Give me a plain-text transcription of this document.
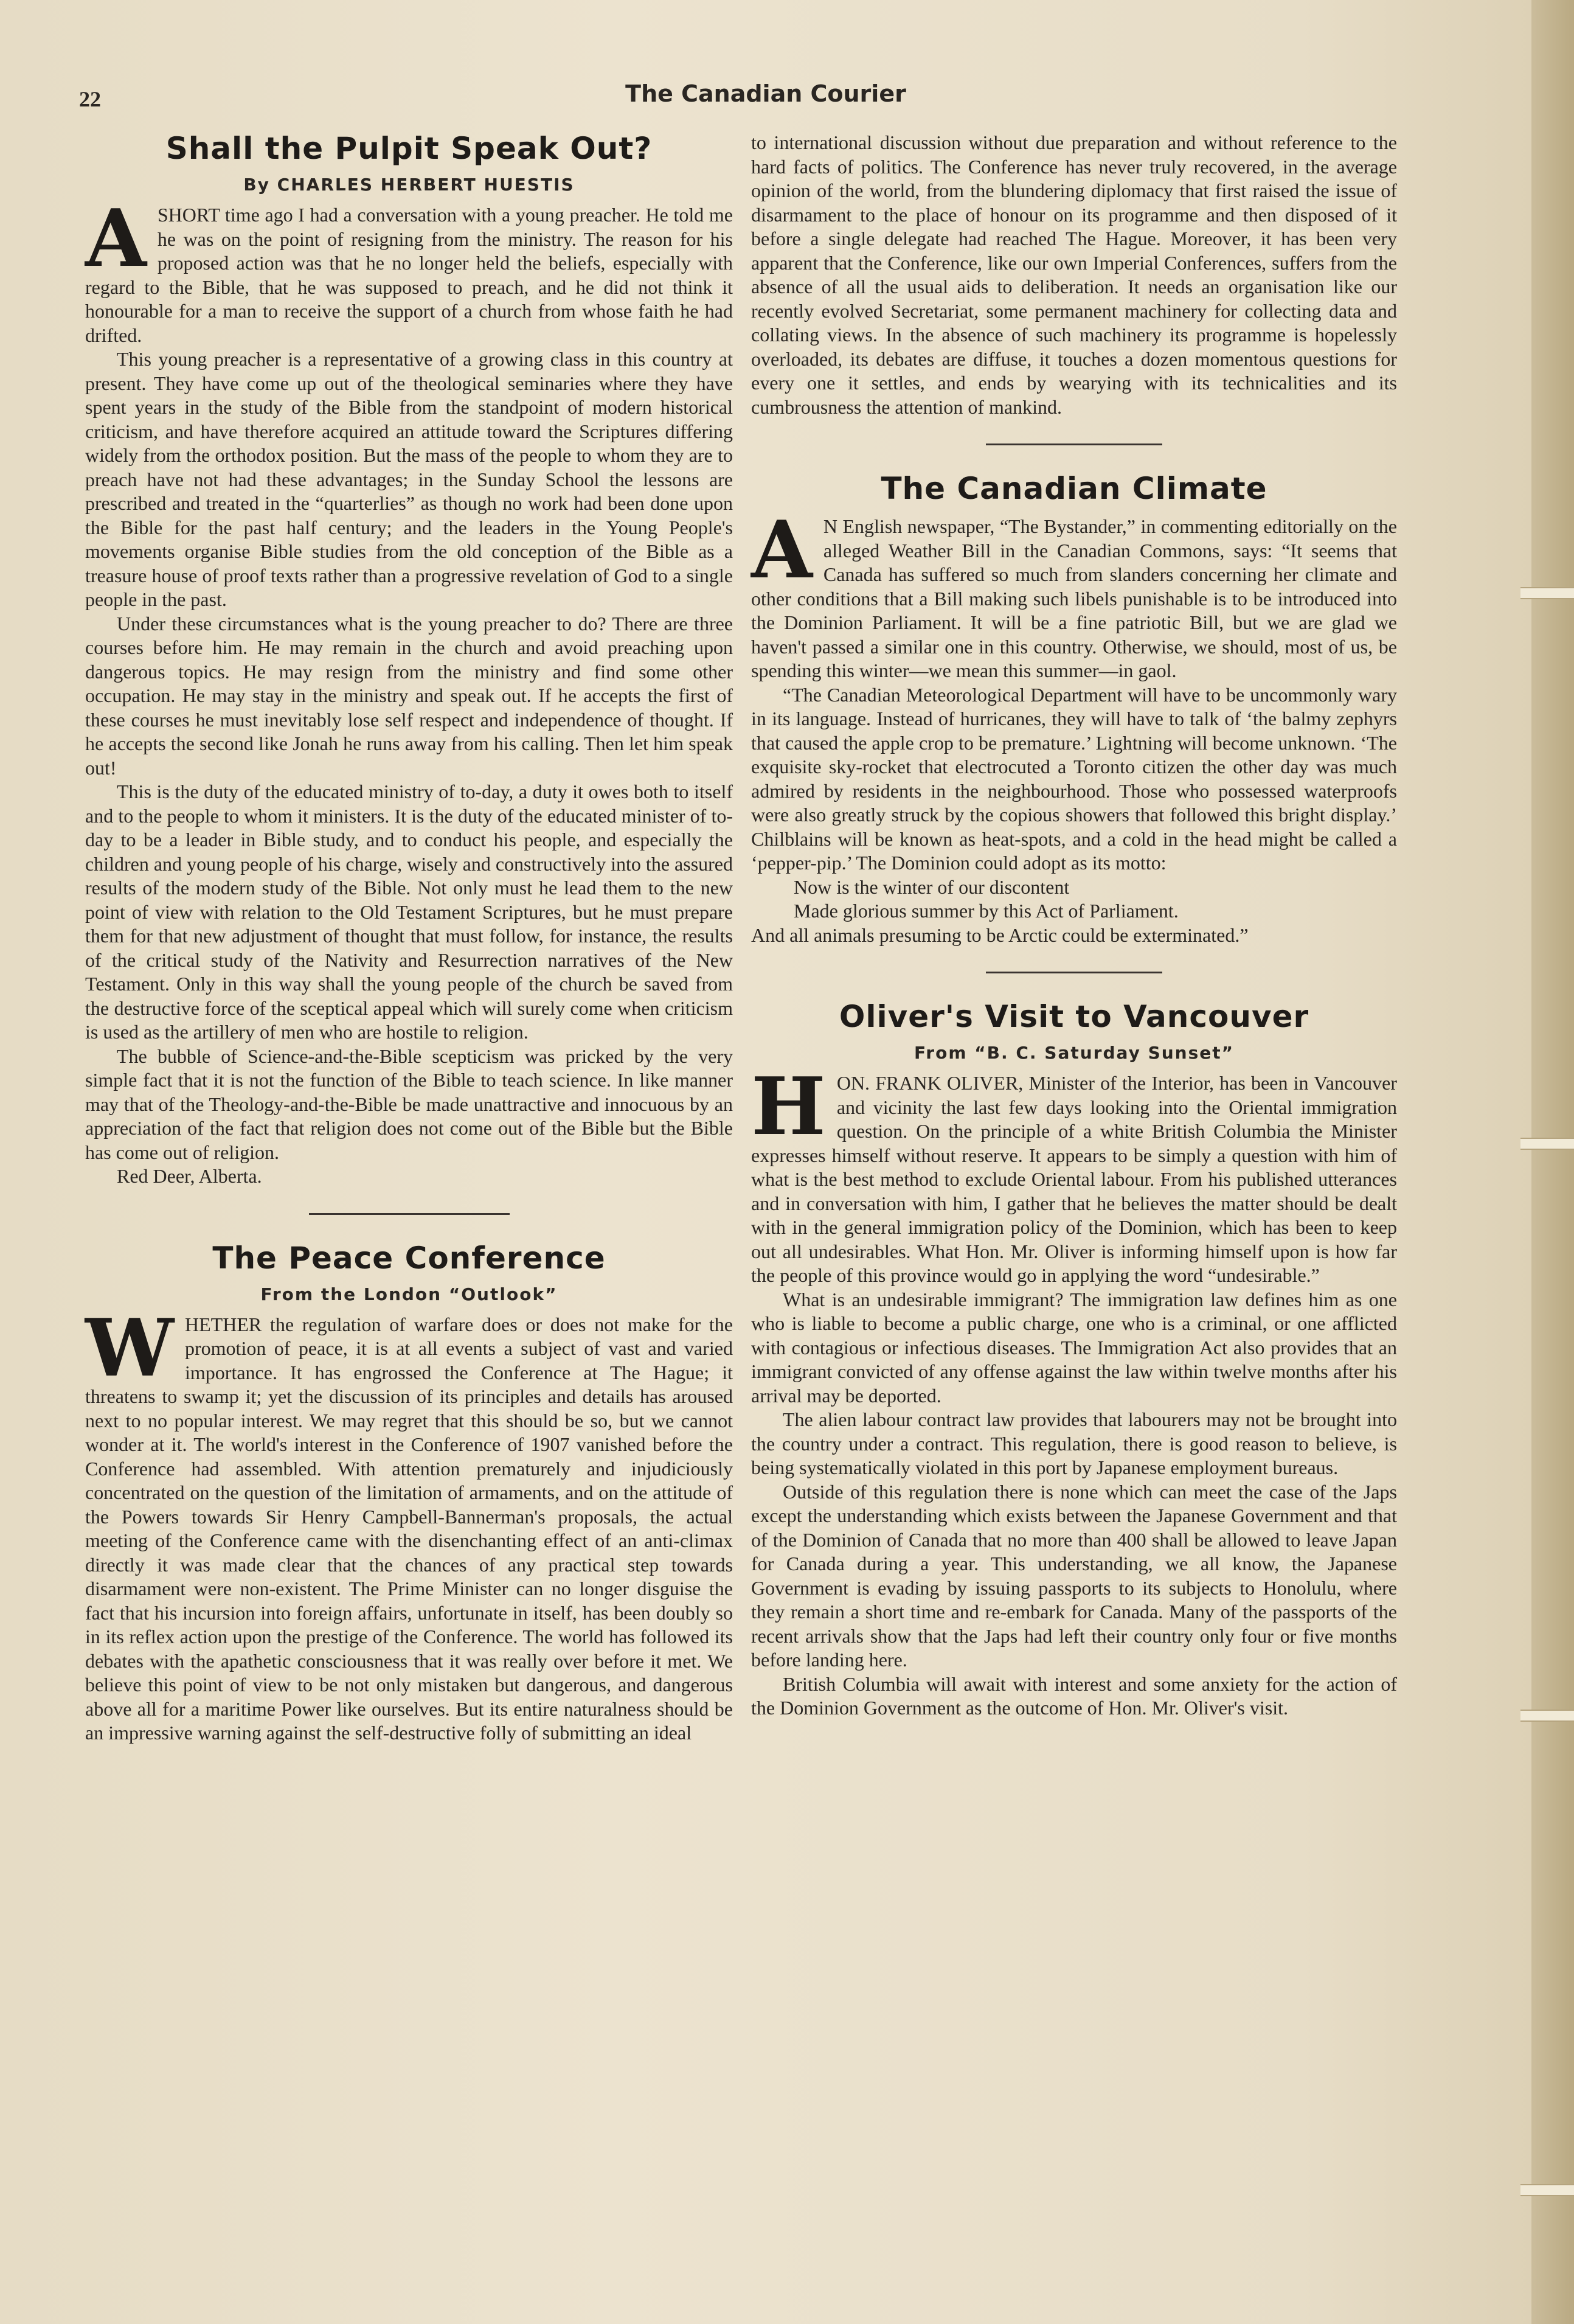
22	The Canadian Courier
Shall the Pulpit Speak Out?
By CHARLES HERBERT HUESTIS

ASHORT time ago I had a conversation with a young preacher. He told me he was on the point of resigning from the ministry. The reason for his proposed action was that he no longer held the beliefs, especially with regard to the Bible, that he was supposed to preach, and he did not think it honourable for a man to receive the support of a church from whose faith he had drifted.

This young preacher is a representative of a growing class in this country at present. They have come up out of the theological seminaries where they have spent years in the study of the Bible from the standpoint of modern historical criticism, and have therefore acquired an attitude toward the Scriptures differing widely from the orthodox position. But the mass of the people to whom they are to preach have not had these advantages; in the Sunday School the lessons are prescribed and treated in the “quarterlies” as though no work had been done upon the Bible for the past half century; and the leaders in the Young People's movements organise Bible studies from the old conception of the Bible as a treasure house of proof texts rather than a progressive revelation of God to a single people in the past.

Under these circumstances what is the young preacher to do? There are three courses before him. He may remain in the church and avoid preaching upon dangerous topics. He may resign from the ministry and find some other occupation. He may stay in the ministry and speak out. If he accepts the first of these courses he must inevitably lose self respect and independence of thought. If he accepts the second like Jonah he runs away from his calling. Then let him speak out!

This is the duty of the educated ministry of to-day, a duty it owes both to itself and to the people to whom it ministers. It is the duty of the educated minister of to-day to be a leader in Bible study, and to conduct his people, and especially the children and young people of his charge, wisely and constructively into the assured results of the modern study of the Bible. Not only must he lead them to the new point of view with relation to the Old Testament Scriptures, but he must prepare them for that new adjustment of thought that must follow, for instance, the results of the critical study of the Nativity and Resurrection narratives of the New Testament. Only in this way shall the young people of the church be saved from the destructive force of the sceptical appeal which will surely come when criticism is used as the artillery of men who are hostile to religion.

The bubble of Science-and-the-Bible scepticism was pricked by the very simple fact that it is not the function of the Bible to teach science. In like manner may that of the Theology-and-the-Bible be made unattractive and innocuous by an appreciation of the fact that religion does not come out of the Bible but the Bible has come out of religion.

Red Deer, Alberta.

The Peace Conference
From the London “Outlook”

WHETHER the regulation of warfare does or does not make for the promotion of peace, it is at all events a subject of vast and varied importance. It has engrossed the Conference at The Hague; it threatens to swamp it; yet the discussion of its principles and details has aroused next to no popular interest. We may regret that this should be so, but we cannot wonder at it. The world's interest in the Conference of 1907 vanished before the Conference had assembled. With attention prematurely and injudiciously concentrated on the question of the limitation of armaments, and on the attitude of the Powers towards Sir Henry Campbell-Bannerman's proposals, the actual meeting of the Conference came with the disenchanting effect of an anti-climax directly it was made clear that the chances of any practical step towards disarmament were non-existent. The Prime Minister can no longer disguise the fact that his incursion into foreign affairs, unfortunate in itself, has been doubly so in its reflex action upon the prestige of the Conference. The world has followed its debates with the apathetic consciousness that it was really over before it met. We believe this point of view to be not only mistaken but dangerous, and dangerous above all for a maritime Power like ourselves. But its entire naturalness should be an impressive warning against the self-destructive folly of submitting an ideal

to international discussion without due preparation and without reference to the hard facts of politics. The Conference has never truly recovered, in the average opinion of the world, from the blundering diplomacy that first raised the issue of disarmament to the place of honour on its programme and then disposed of it before a single delegate had reached The Hague. Moreover, it has been very apparent that the Conference, like our own Imperial Conferences, suffers from the absence of all the usual aids to deliberation. It needs an organisation like our recently evolved Secretariat, some permanent machinery for collecting data and collating views. In the absence of such machinery its programme is hopelessly overloaded, its debates are diffuse, it touches a dozen momentous questions for every one it settles, and ends by wearying with its technicalities and its cumbrousness the attention of mankind.

The Canadian Climate

A N English newspaper, “The Bystander,” in commenting editorially on the alleged Weather Bill in the Canadian Commons, says: “It seems that Canada has suffered so much from slanders concerning her climate and other conditions that a Bill making such libels punishable is to be introduced into the Dominion Parliament. It will be a fine patriotic Bill, but we are glad we haven't passed a similar one in this country. Otherwise, we should, most of us, be spending this winter—we mean this summer—in gaol.

“The Canadian Meteorological Department will have to be uncommonly wary in its language. Instead of hurricanes, they will have to talk of ‘the balmy zephyrs that caused the apple crop to be premature.’ Lightning will become unknown. ‘The exquisite sky-rocket that electrocuted a Toronto citizen the other day was much admired by residents in the neighbourhood. Those who possessed waterproofs were also greatly struck by the copious showers that followed this bright display.’ Chilblains will be known as heat-spots, and a cold in the head might be called a ‘pepper-pip.’ The Dominion could adopt as its motto:

Now is the winter of our discontent

Made glorious summer by this Act of Parliament.

And all animals presuming to be Arctic could be exterminated.”

Oliver's Visit to Vancouver
From “B. C. Saturday Sunset”

HON. FRANK OLIVER, Minister of the Interior, has been in Vancouver and vicinity the last few days looking into the Oriental immigration question. On the principle of a white British Columbia the Minister expresses himself without reserve. It appears to be simply a question with him of what is the best method to exclude Oriental labour. From his published utterances and in conversation with him, I gather that he believes the matter should be dealt with in the general immigration policy of the Dominion, which has been to keep out all undesirables. What Hon. Mr. Oliver is informing himself upon is how far the people of this province would go in applying the word “undesirable.”

What is an undesirable immigrant? The immigration law defines him as one who is liable to become a public charge, one who is a criminal, or one afflicted with contagious or infectious diseases. The Immigration Act also provides that an immigrant convicted of any offense against the law within twelve months after his arrival may be deported.

The alien labour contract law provides that labourers may not be brought into the country under a contract. This regulation, there is good reason to believe, is being systematically violated in this port by Japanese employment bureaus.

Outside of this regulation there is none which can meet the case of the Japs except the understanding which exists between the Japanese Government and that of the Dominion of Canada that no more than 400 shall be allowed to leave Japan for Canada during a year. This understanding, we all know, the Japanese Government is evading by issuing passports to its subjects to Honolulu, where they remain a short time and re-embark for Canada. Many of the passports of the recent arrivals show that the Japs had left their country only four or five months before landing here.

British Columbia will await with interest and some anxiety for the action of the Dominion Government as the outcome of Hon. Mr. Oliver's visit.
